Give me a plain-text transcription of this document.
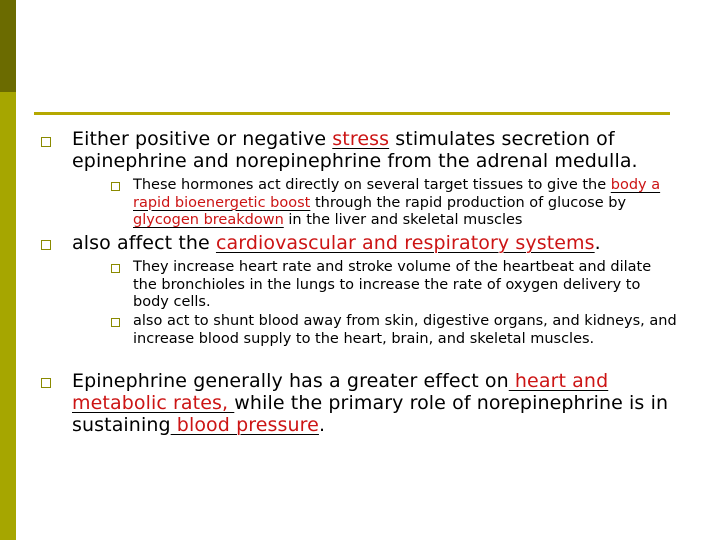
Either positive or negative stress stimulates secretion of epinephrine and norepinephrine from the adrenal medulla.
These hormones act directly on several target tissues to give the body a rapid bioenergetic boost through the rapid production of glucose by glycogen breakdown in the liver and skeletal muscles
also affect the cardiovascular and respiratory systems.
They increase heart rate and stroke volume of the heartbeat and dilate the bronchioles in the lungs to increase the rate of oxygen delivery to body cells.
also act to shunt blood away from skin, digestive organs, and kidneys, and increase blood supply to the heart, brain, and skeletal muscles.
Epinephrine generally has a greater effect on heart and metabolic rates, while the primary role of norepinephrine is in sustaining blood pressure.
